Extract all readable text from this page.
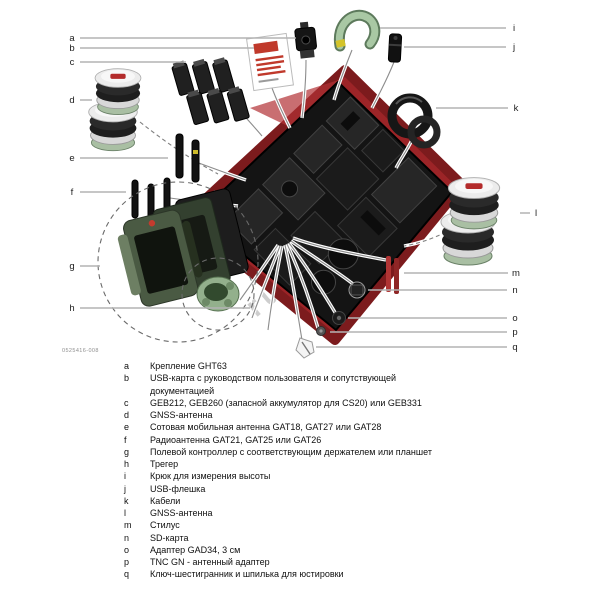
a
b
c
d
e
f
g
h
i
j
k
l
m
n
o
p
q
0525416-008
a	Крепление GHT63
b	USB-карта с руководством пользователя и сопутствующей документацией
c	GEB212, GEB260 (запасной аккумулятор для CS20) или GEB331
d	GNSS-антенна
e	Сотовая мобильная антенна GAT18, GAT27 или GAT28
f	Радиоантенна GAT21, GAT25 или GAT26
g	Полевой контроллер с соответствующим держателем или планшет
h	Трегер
i	Крюк для измерения высоты
j	USB-флешка
k	Кабели
l	GNSS-антенна
m	Стилус
n	SD-карта
o	Адаптер GAD34, 3 см
p	TNC GN - антенный адаптер
q	Ключ-шестигранник и шпилька для юстировки
